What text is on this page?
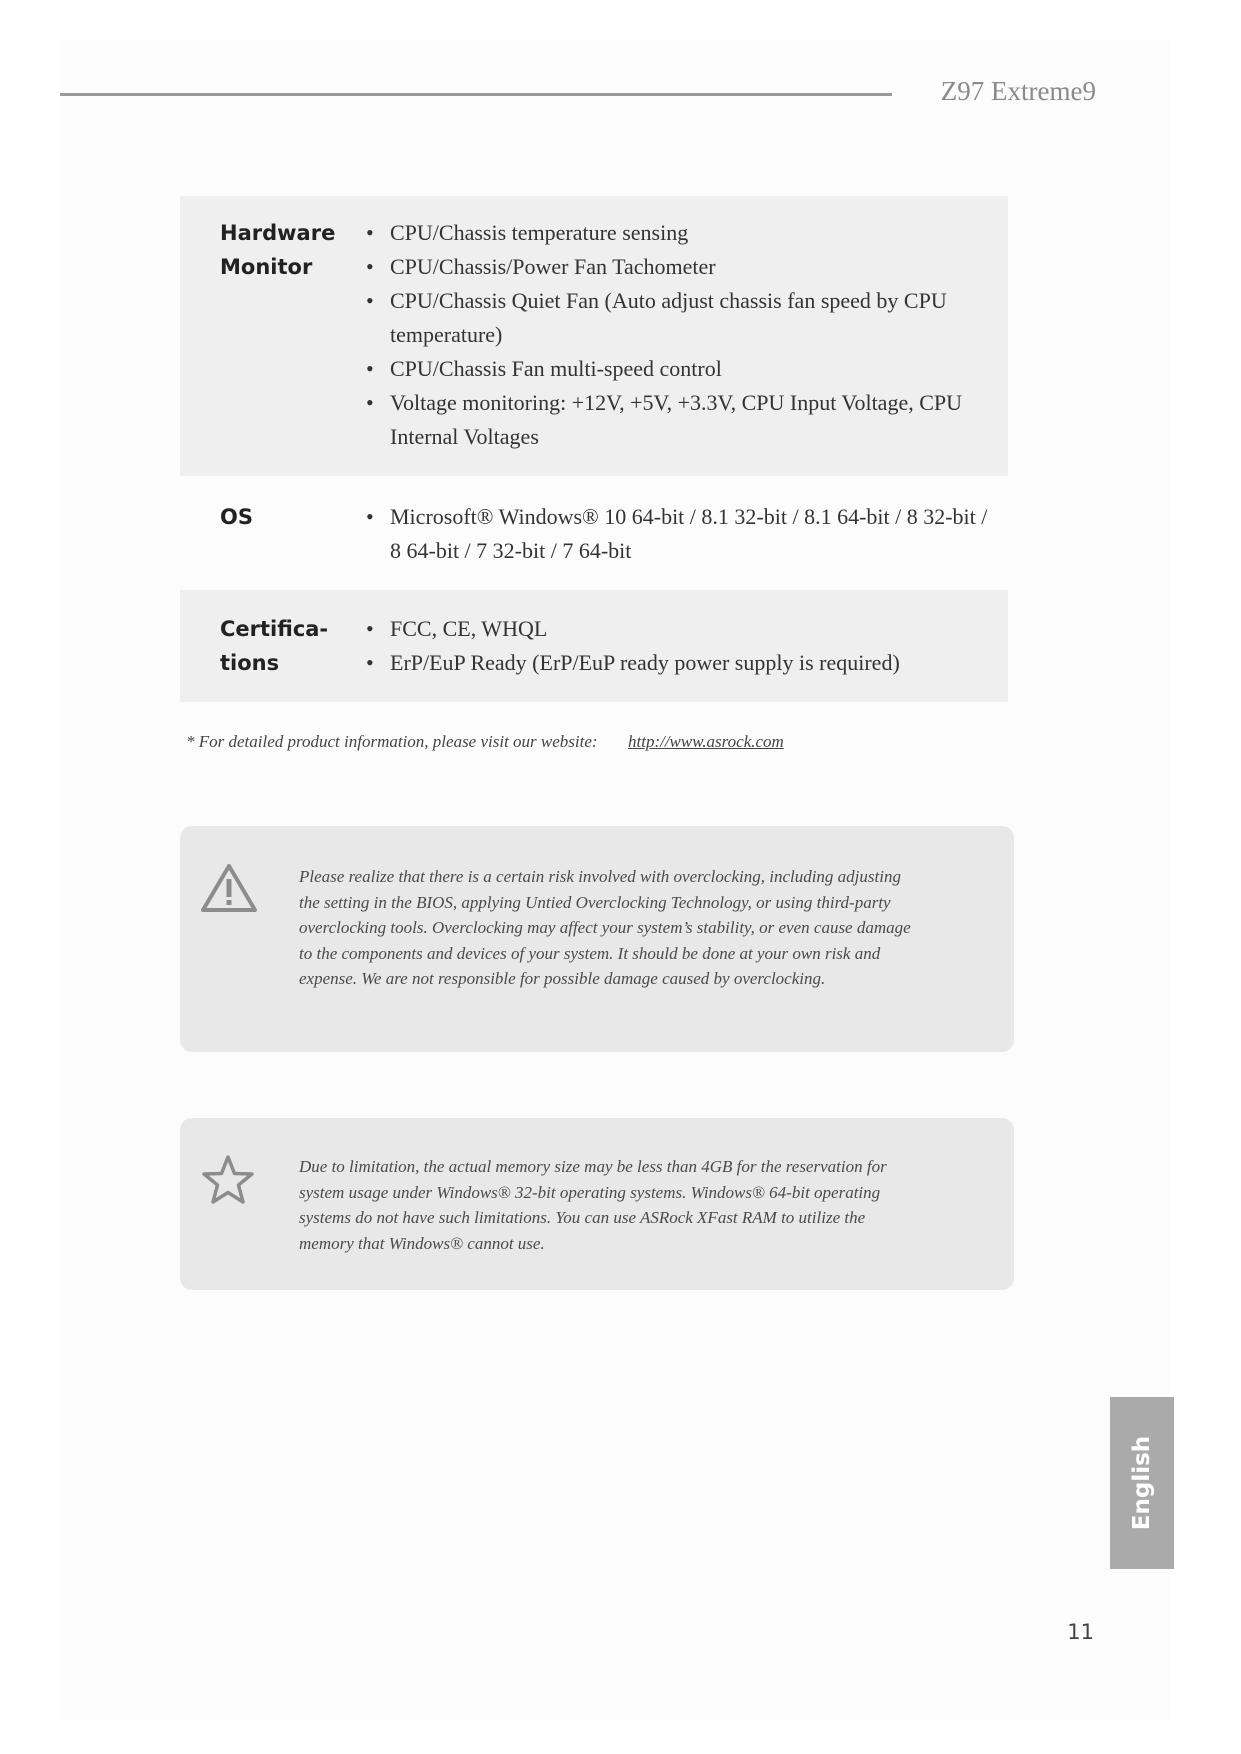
Z97 Extreme9
Hardware
Monitor
• CPU/Chassis temperature sensing
• CPU/Chassis/Power Fan Tachometer
• CPU/Chassis Quiet Fan (Auto adjust chassis fan speed by CPU temperature)
• CPU/Chassis Fan multi-speed control
• Voltage monitoring: +12V, +5V, +3.3V, CPU Input Voltage, CPU Internal Voltages
OS
•	Microsoft® Windows® 10 64-bit / 8.1 32-bit / 8.1 64-bit / 8 32-bit / 8 64-bit / 7 32-bit / 7 64-bit
Certifica-
tions
• FCC, CE, WHQL
• ErP/EuP Ready (ErP/EuP ready power supply is required)
* For detailed product information, please visit our website: http://www.asrock.com

Please realize that there is a certain risk involved with overclocking, including adjusting the setting in the BIOS, applying Untied Overclocking Technology, or using third-party overclocking tools. Overclocking may affect your system’s stability, or even cause damage to the components and devices of your system. It should be done at your own risk and expense. We are not responsible for possible damage caused by overclocking.

Due to limitation, the actual memory size may be less than 4GB for the reservation for system usage under Windows® 32-bit operating systems. Windows® 64-bit operating systems do not have such limitations. You can use ASRock XFast RAM to utilize the memory that Windows® cannot use.

English
11
